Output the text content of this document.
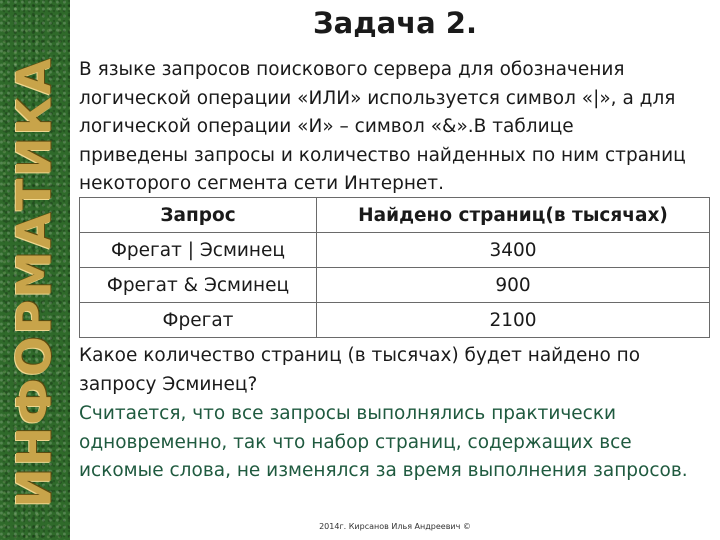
ИНФОРМАТИКА
Задача 2.
В языке запросов поискового сервера для обозначения
логической операции «ИЛИ» используется символ «|», а для
логической операции «И» – символ «&».В таблице
приведены запросы и количество найденных по ним страниц
некоторого сегмента сети Интернет.
Запрос	Найдено страниц(в тысячах)
Фрегат | Эсминец	3400
Фрегат & Эсминец	900
Фрегат	2100
Какое количество страниц (в тысячах) будет найдено по
запросу Эсминец?
Считается, что все запросы выполнялись практически
одновременно, так что набор страниц, содержащих все
искомые слова, не изменялся за время выполнения запросов.
2014г. Кирсанов Илья Андреевич ©
